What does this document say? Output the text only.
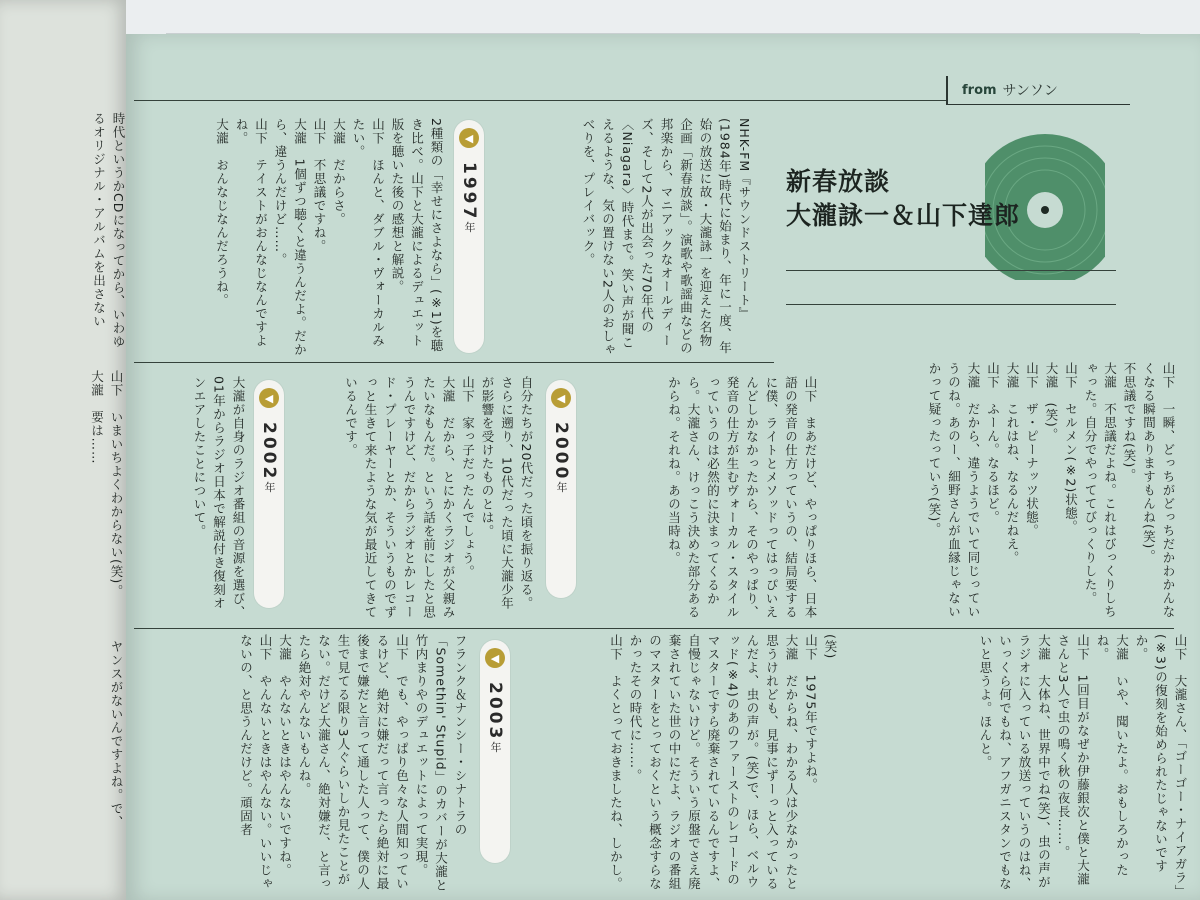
時代というかCDになってから、いわゆるオリジナル・アルバムを出さない
山下　いまいちよくわからない(笑)。
大瀧　要は……
ヤンスがないんですよね。で、
from サンソン
新春放談
大瀧詠一＆山下達郎
NHK-FM『サウンドストリート』(1984年)時代に始まり、年に一度、年始の放送に故・大瀧詠一を迎えた名物企画「新春放談」。演歌や歌謡曲などの邦楽から、マニアックなオールディーズ、そして2人が出会った70年代の〈Niagara〉時代まで。笑い声が聞こえるような、気の置けない2人のおしゃべりを、プレイバック。
◀
1997年
2種類の「幸せにさよなら」(※1)を聴き比べ。山下と大瀧によるデュエット版を聴いた後の感想と解説。
山下　ほんと、ダブル・ヴォーカルみたい。
大瀧　だからさ。
山下　不思議ですね。
大瀧　1個ずつ聴くと違うんだよ。だから、違うんだけど……。
山下　テイストがおんなじなんですよね。
大瀧　おんなじなんだろうね。
山下　一瞬、どっちがどっちだかわかんなくなる瞬間ありますもんね(笑)。
不思議ですね(笑)。
大瀧　不思議だよね。これはびっくりしちゃった。自分でやっててびっくりした。
山下　セルメン(※2)状態。
大瀧　(笑)。
山下　ザ・ピーナッツ状態。
大瀧　これはね、なるんだねえ。
山下　ふーん。なるほど。
大瀧　だから、違うようでいて同じっていうのね。あのー、細野さんが血縁じゃないかって疑ったっていう(笑)。
山下　まあだけど、やっぱりほら、日本語の発音の仕方っていうの、結局要するに僕、ライトとメソッドってはっぴいえんどしかなかったから、そのやっぱり、発音の仕方が生むヴォーカル・スタイルっていうのは必然的に決まってくるから。大瀧さん、けっこう決めた部分あるからね。それね。あの当時ね。
◀
2000年
自分たちが20代だった頃を振り返る。さらに遡り、10代だった頃に大瀧少年が影響を受けたものとは。
山下　家っ子だったんでしょう。
大瀧　だから、とにかくラジオが父親みたいなもんだ。という話を前にしたと思うんですけど、だからラジオとかレコード・プレーヤーとか、そういうものでずっと生きて来たような気が最近してきているんです。
◀
2002年
大瀧が自身のラジオ番組の音源を選び、01年からラジオ日本で解説付き復刻オンエアしたことについて。
山下　大瀧さん、「ゴーゴー・ナイアガラ」(※3)の復刻を始められたじゃないですか。
大瀧　いや、聞いたよ。おもしろかったね。
山下　1回目がなぜか伊藤銀次と僕と大瀧さんと3人で虫の鳴く秋の夜長……。
大瀧　大体ね、世界中でね(笑)、虫の声がラジオに入っている放送っていうのはね、いっくら何でもね、アフガニスタンでもないと思うよ。ほんと。
(笑)
山下　1975年ですよね。
大瀧　だからね、わかる人は少なかったと思うけれども、見事にずーっと入っているんだよ、虫の声が。(笑)で、ほら、ベルウッド(※4)のあのファーストのレコードのマスターですら廃棄されているんですよ、自慢じゃないけど。そういう原盤でさえ廃棄されていた世の中にだよ、ラジオの番組のマスターをとっておくという概念すらなかったその時代に……。
山下　よくとっておきましたね、しかし。
◀
2003年
フランク＆ナンシー・シナトラの「Somethin' Stupid」のカバーが大瀧と竹内まりやのデュエットによって実現。
山下　でも、やっぱり色々な人間知っているけど、絶対に嫌だって言ったら絶対に最後まで嫌だと言って通した人って、僕の人生で見てる限り3人ぐらいしか見たことがない。だけど大瀧さん、絶対嫌だ、と言ったら絶対やんないもんね。
大瀧　やんないときはやんないですね。
山下　やんないときはやんない。いいじゃないの、と思うんだけど。頑固者
